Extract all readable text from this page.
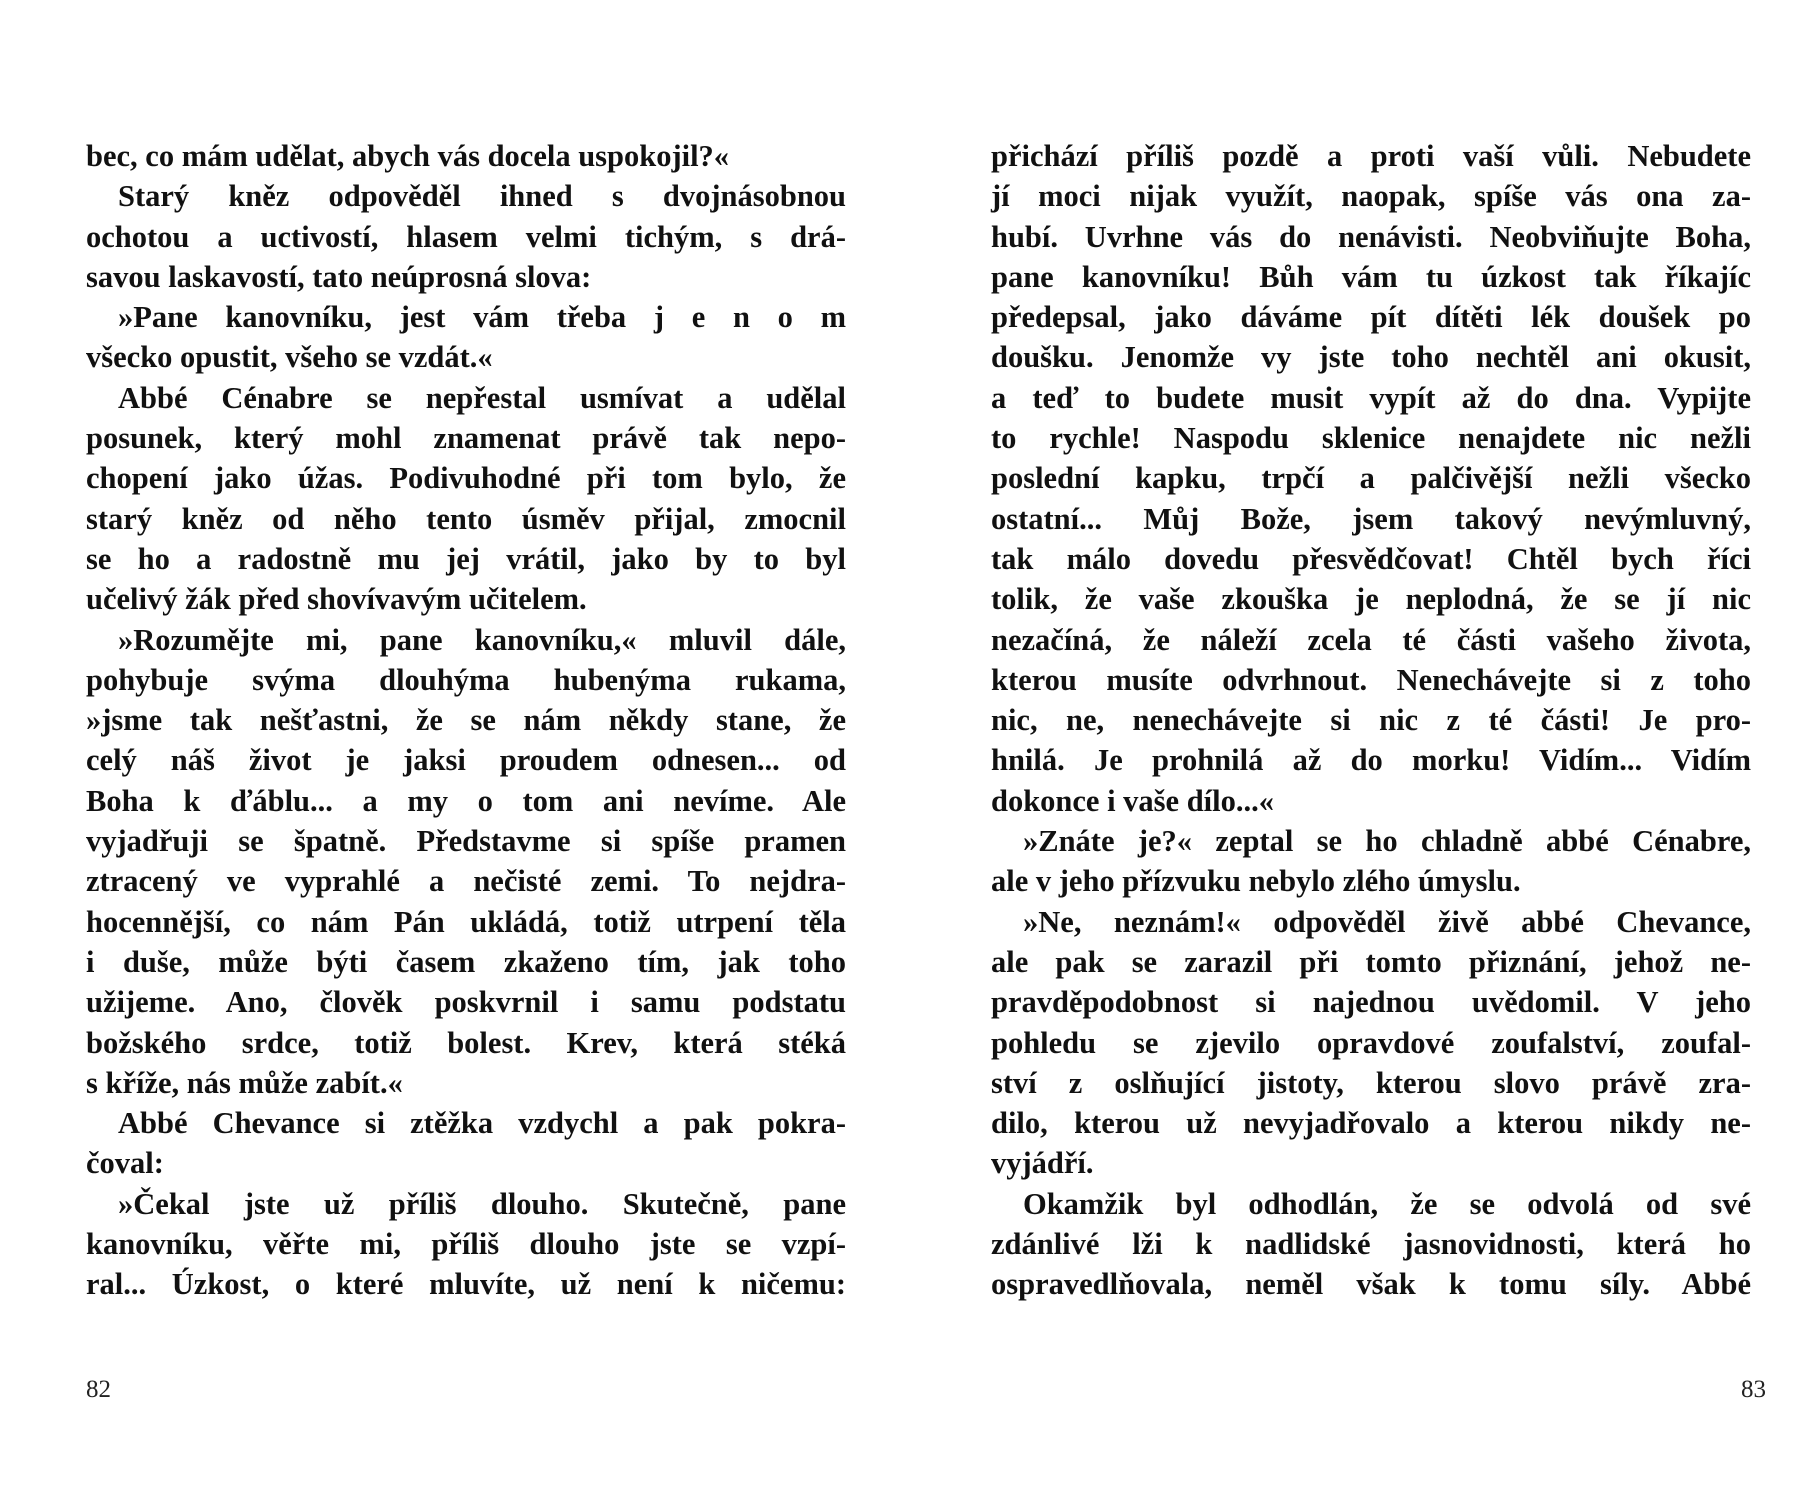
bec, co mám udělat, abych vás docela uspokojil?«
Starý kněz odpověděl ihned s dvojnásobnou
ochotou a uctivostí, hlasem velmi tichým, s drá-
savou laskavostí, tato neúprosná slova:
»Pane kanovníku, jest vám třeba j e n o m
všecko opustit, všeho se vzdát.«
Abbé Cénabre se nepřestal usmívat a udělal
posunek, který mohl znamenat právě tak nepo-
chopení jako úžas. Podivuhodné při tom bylo, že
starý kněz od něho tento úsměv přijal, zmocnil
se ho a radostně mu jej vrátil, jako by to byl
učelivý žák před shovívavým učitelem.
»Rozumějte mi, pane kanovníku,« mluvil dále,
pohybuje svýma dlouhýma hubenýma rukama,
»jsme tak nešťastni, že se nám někdy stane, že
celý náš život je jaksi proudem odnesen... od
Boha k ďáblu... a my o tom ani nevíme. Ale
vyjadřuji se špatně. Představme si spíše pramen
ztracený ve vyprahlé a nečisté zemi. To nejdra-
hocennější, co nám Pán ukládá, totiž utrpení těla
i duše, může býti časem zkaženo tím, jak toho
užijeme. Ano, člověk poskvrnil i samu podstatu
božského srdce, totiž bolest. Krev, která stéká
s kříže, nás může zabít.«
Abbé Chevance si ztěžka vzdychl a pak pokra-
čoval:
»Čekal jste už příliš dlouho. Skutečně, pane
kanovníku, věřte mi, příliš dlouho jste se vzpí-
ral... Úzkost, o které mluvíte, už není k ničemu:
82
přichází příliš pozdě a proti vaší vůli. Nebudete
jí moci nijak využít, naopak, spíše vás ona za-
hubí. Uvrhne vás do nenávisti. Neobviňujte Boha,
pane kanovníku! Bůh vám tu úzkost tak říkajíc
předepsal, jako dáváme pít dítěti lék doušek po
doušku. Jenomže vy jste toho nechtěl ani okusit,
a teď to budete musit vypít až do dna. Vypijte
to rychle! Naspodu sklenice nenajdete nic nežli
poslední kapku, trpčí a palčivější nežli všecko
ostatní... Můj Bože, jsem takový nevýmluvný,
tak málo dovedu přesvědčovat! Chtěl bych říci
tolik, že vaše zkouška je neplodná, že se jí nic
nezačíná, že náleží zcela té části vašeho života,
kterou musíte odvrhnout. Nenechávejte si z toho
nic, ne, nenechávejte si nic z té části! Je pro-
hnilá. Je prohnilá až do morku! Vidím... Vidím
dokonce i vaše dílo...«
»Znáte je?« zeptal se ho chladně abbé Cénabre,
ale v jeho přízvuku nebylo zlého úmyslu.
»Ne, neznám!« odpověděl živě abbé Chevance,
ale pak se zarazil při tomto přiznání, jehož ne-
pravděpodobnost si najednou uvědomil. V jeho
pohledu se zjevilo opravdové zoufalství, zoufal-
ství z oslňující jistoty, kterou slovo právě zra-
dilo, kterou už nevyjadřovalo a kterou nikdy ne-
vyjádří.
Okamžik byl odhodlán, že se odvolá od své
zdánlivé lži k nadlidské jasnovidnosti, která ho
ospravedlňovala, neměl však k tomu síly. Abbé
83
